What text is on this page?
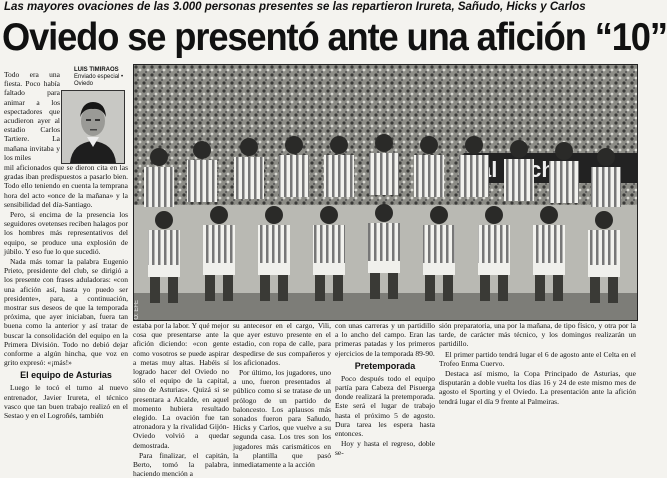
Las mayores ovaciones de las 3.000 personas presentes se las repartieron Irureta, Sañudo, Hicks y Carlos
Oviedo se presentó ante una afición “10”
LUIS TIMIRAOS
Enviado especial • Oviedo

Todo era una fiesta. Poco había faltado para animar a los espectadores que acudieron ayer al estadio Carlos Tartiere. La mañana invitaba y los miles

mil aficionados que se dieron cita en las gradas iban predispuestos a pasarlo bien. Todo ello teniendo en cuenta la temprana hora del acto «once de la mañana» y la sensibilidad del día-Santiago.

Pero, si encima de la presencia los seguidores ovetenses reciben halagos por los hombres más representativos del equipo, se produce una explosión de júbilo. Y eso fue lo que sucedió.

Nada más tomar la palabra Eugenio Prieto, presidente del club, se dirigió a los presente con frases aduladoras: «con una afición así, hasta yo puedo ser presidente», para, a continuación, mostrar sus deseos de que la temporada próxima, que ayer iniciaban, fuera tan buena como la anterior y así tratar de buscar la consolidación del equipo en la Primera División. Todo no debió dejar conforme a algún hincha, que voz en grito expresó: «¡más!»

El equipo de Asturias

Luego le tocó el turno al nuevo entrenador, Javier Irureta, el técnico vasco que tan buen trabajo realizó en el Sestao y en el Logroñés, también

hecha
FOTO: EFE

estaba por la labor. Y qué mejor cosa que presentarse ante la afición diciendo: «con gente como vosotros se puede aspirar a metas muy altas. Habéis sí logrado hacer del Oviedo no sólo el equipo de la capital, sino de Asturias». Quizá si se presentara a Alcalde, en aquel momento hubiera resultado elegido. La ovación fue tan atronadora y la rivalidad Gijón-Oviedo volvió a quedar demostrada.

Para finalizar, el capitán, Berto, tomó la palabra, haciendo mención a

su antecesor en el cargo, Vili, que ayer estuvo presente en el estadio, con ropa de calle, para despedirse de sus compañeros y los aficionados.

Por último, los jugadores, uno a uno, fueron presentados al público como si se tratase de un prólogo de un partido de baloncesto. Los aplausos más sonados fueron para Sañudo, Hicks y Carlos, que vuelve a su segunda casa. Los tres son los jugadores más carismáticos en la plantilla que pasó inmediatamente a la acción

con unas carreras y un partidillo a lo ancho del campo. Eran las primeras patadas y los primeros ejercicios de la temporada 89-90.

Pretemporada

Poco después todo el equipo partía para Cabeza del Pisuerga donde realizará la pretemporada. Este será el lugar de trabajo hasta el próximo 5 de agosto. Dura tarea les espera hasta entonces.

Hoy y hasta el regreso, doble se-

sión preparatoria, una por la mañana, de tipo físico, y otra por la tarde, de carácter más técnico, y los domingos realizarán un partidillo.

El primer partido tendrá lugar el 6 de agosto ante el Celta en el Trofeo Enma Cuervo.

Destaca así mismo, la Copa Principado de Asturias, que disputarán a doble vuelta los días 16 y 24 de este mismo mes de agosto el Sporting y el Oviedo. La presentación ante la afición tendrá lugar el día 9 frente al Palmeiras.
